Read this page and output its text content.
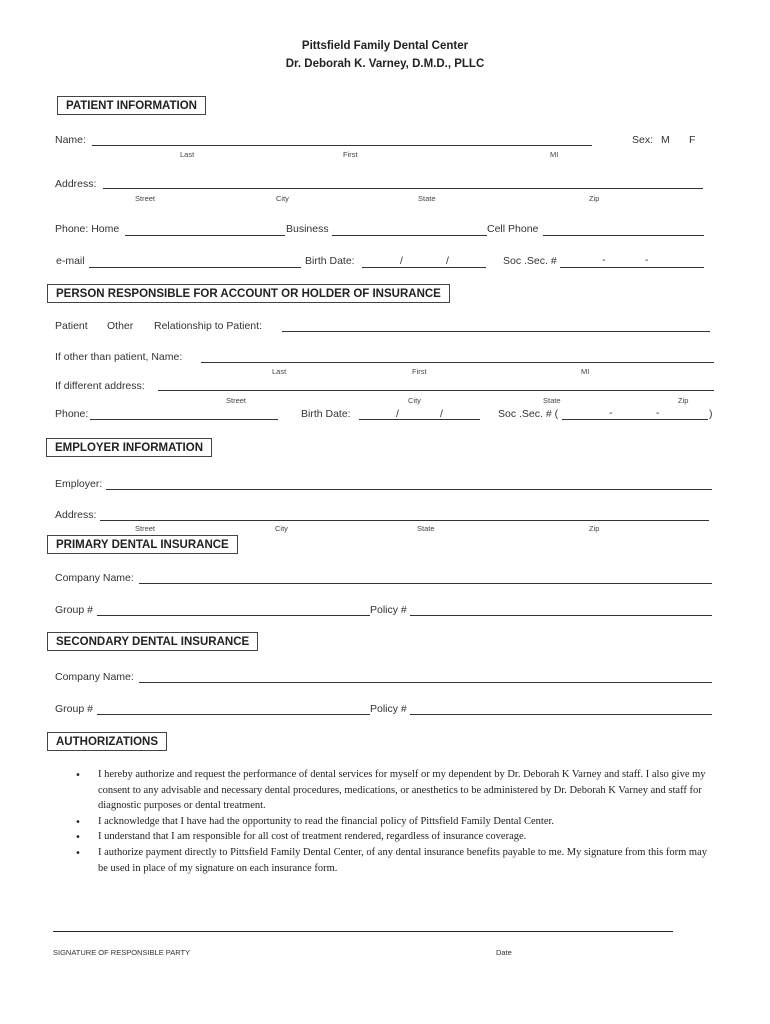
Pittsfield Family Dental Center
Dr. Deborah K. Varney, D.M.D., PLLC
PATIENT INFORMATION
Name:	Sex: M F
Last	First	MI
Address:
Street	City	State	Zip
Phone: Home	Business	Cell Phone
e-mail	Birth Date:	/	/	Soc .Sec. #	-	-
PERSON RESPONSIBLE FOR ACCOUNT OR HOLDER OF INSURANCE
Patient Other Relationship to Patient:
If other than patient, Name:
Last	First	MI
If different address:
Street	City	State	Zip
Phone:	Birth Date:	/	/	Soc .Sec. # (	-	-	)
EMPLOYER INFORMATION
Employer:
Address:
Street	City	State	Zip
PRIMARY DENTAL INSURANCE
Company Name:
Group #	Policy #
SECONDARY DENTAL INSURANCE
Company Name:
Group #	Policy #
AUTHORIZATIONS
• I hereby authorize and request the performance of dental services for myself or my dependent by Dr. Deborah K Varney and staff. I also give my consent to any advisable and necessary dental procedures, medications, or anesthetics to be administered by Dr. Deborah K Varney and staff for diagnostic purposes or dental treatment.
• I acknowledge that I have had the opportunity to read the financial policy of Pittsfield Family Dental Center.
• I understand that I am responsible for all cost of treatment rendered, regardless of insurance coverage.
• I authorize payment directly to Pittsfield Family Dental Center, of any dental insurance benefits payable to me. My signature from this form may be used in place of my signature on each insurance form.
SIGNATURE OF RESPONSIBLE PARTY	Date
